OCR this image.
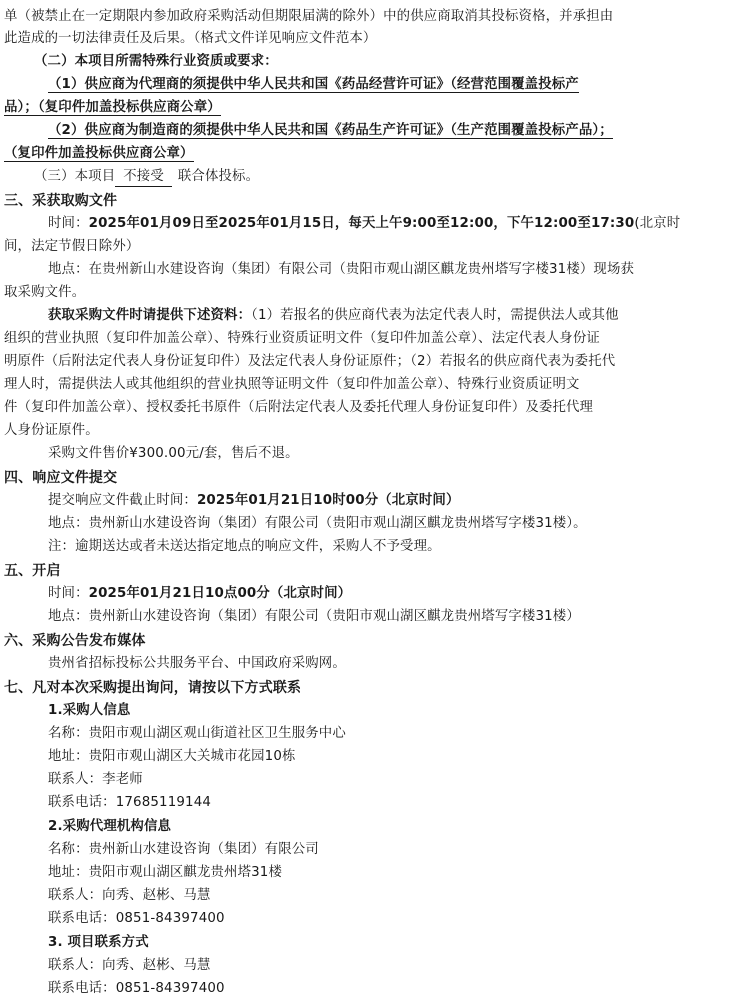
单（被禁止在一定期限内参加政府采购活动但期限届满的除外）中的供应商取消其投标资格，并承担由
此造成的一切法律责任及后果。（格式文件详见响应文件范本）
（二）本项目所需特殊行业资质或要求：
（1）供应商为代理商的须提供中华人民共和国《药品经营许可证》（经营范围覆盖投标产
品）；（复印件加盖投标供应商公章）
（2）供应商为制造商的须提供中华人民共和国《药品生产许可证》（生产范围覆盖投标产品）；
（复印件加盖投标供应商公章）
（三）本项目 不接受 联合体投标。
三、采获取购文件
时间：2025年01月09日至2025年01月15日，每天上午9:00至12:00，下午12:00至17:30(北京时
间，法定节假日除外）
地点：在贵州新山水建设咨询（集团）有限公司（贵阳市观山湖区麒龙贵州塔写字楼31楼）现场获
取采购文件。
获取采购文件时请提供下述资料：（1）若报名的供应商代表为法定代表人时，需提供法人或其他
组织的营业执照（复印件加盖公章）、特殊行业资质证明文件（复印件加盖公章）、法定代表人身份证
明原件（后附法定代表人身份证复印件）及法定代表人身份证原件；（2）若报名的供应商代表为委托代
理人时，需提供法人或其他组织的营业执照等证明文件（复印件加盖公章）、特殊行业资质证明文
件（复印件加盖公章）、授权委托书原件（后附法定代表人及委托代理人身份证复印件）及委托代理
人身份证原件。
采购文件售价¥300.00元/套，售后不退。
四、响应文件提交
提交响应文件截止时间：2025年01月21日10时00分（北京时间）
地点：贵州新山水建设咨询（集团）有限公司（贵阳市观山湖区麒龙贵州塔写字楼31楼）。
注：逾期送达或者未送达指定地点的响应文件，采购人不予受理。
五、开启
时间：2025年01月21日10点00分（北京时间）
地点：贵州新山水建设咨询（集团）有限公司（贵阳市观山湖区麒龙贵州塔写字楼31楼）
六、采购公告发布媒体
贵州省招标投标公共服务平台、中国政府采购网。
七、凡对本次采购提出询问，请按以下方式联系
1.采购人信息
名称：贵阳市观山湖区观山街道社区卫生服务中心
地址：贵阳市观山湖区大关城市花园10栋
联系人：李老师
联系电话：17685119144
2.采购代理机构信息
名称：贵州新山水建设咨询（集团）有限公司
地址：贵阳市观山湖区麒龙贵州塔31楼
联系人：向秀、赵彬、马慧
联系电话：0851-84397400
3. 项目联系方式
联系人：向秀、赵彬、马慧
联系电话：0851-84397400
